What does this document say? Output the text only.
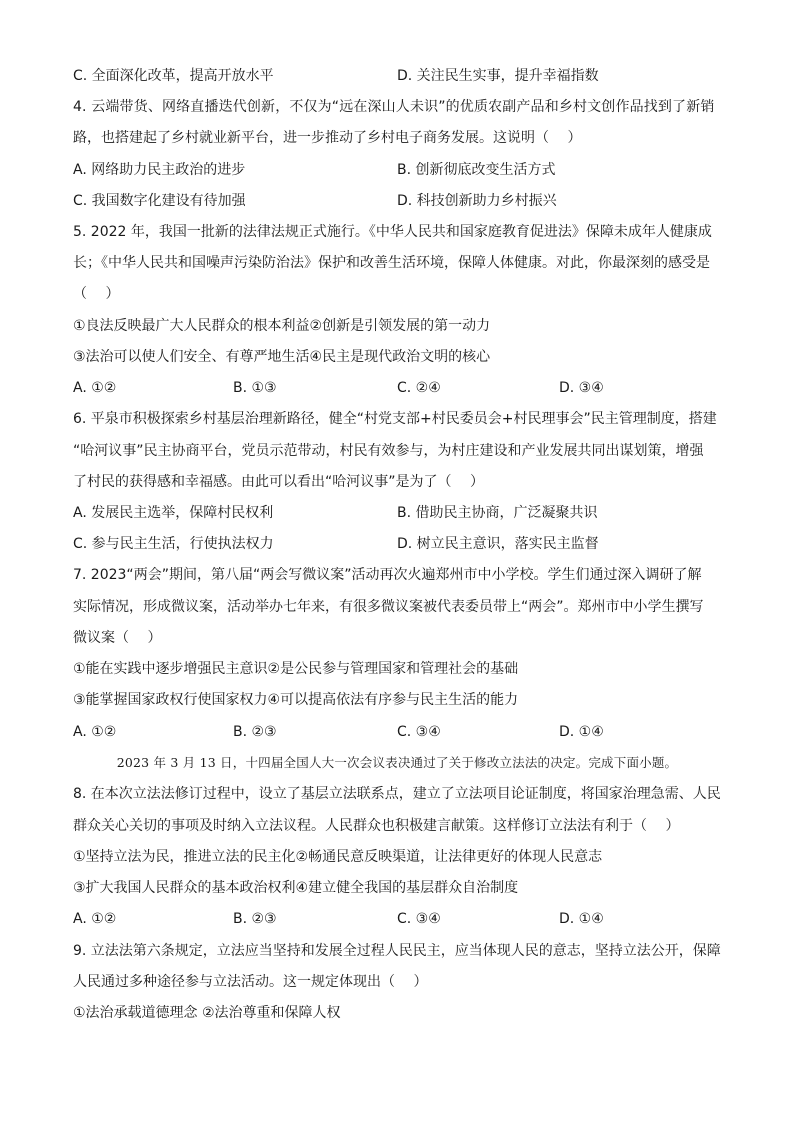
C. 全面深化改革，提高开放水平	D. 关注民生实事，提升幸福指数
4. 云端带货、网络直播迭代创新，不仅为“远在深山人未识”的优质农副产品和乡村文创作品找到了新销
路，也搭建起了乡村就业新平台，进一步推动了乡村电子商务发展。这说明（　 ）
A. 网络助力民主政治的进步	B. 创新彻底改变生活方式
C. 我国数字化建设有待加强	D. 科技创新助力乡村振兴
5. 2022 年，我国一批新的法律法规正式施行。《中华人民共和国家庭教育促进法》保障未成年人健康成
长；《中华人民共和国噪声污染防治法》保护和改善生活环境，保障人体健康。对此，你最深刻的感受是
（　 ）
①良法反映最广大人民群众的根本利益②创新是引领发展的第一动力
③法治可以使人们安全、有尊严地生活④民主是现代政治文明的核心
A. ①②	B. ①③	C. ②④	D. ③④
6. 平泉市积极探索乡村基层治理新路径，健全“村党支部+村民委员会+村民理事会”民主管理制度，搭建
“哈河议事”民主协商平台，党员示范带动，村民有效参与，为村庄建设和产业发展共同出谋划策，增强
了村民的获得感和幸福感。由此可以看出“哈河议事”是为了（　 ）
A. 发展民主选举，保障村民权利	B. 借助民主协商，广泛凝聚共识
C. 参与民主生活，行使执法权力	D. 树立民主意识，落实民主监督
7. 2023“两会”期间，第八届“两会写微议案”活动再次火遍郑州市中小学校。学生们通过深入调研了解
实际情况，形成微议案，活动举办七年来，有很多微议案被代表委员带上“两会”。郑州市中小学生撰写
微议案（　 ）
①能在实践中逐步增强民主意识②是公民参与管理国家和管理社会的基础
③能掌握国家政权行使国家权力④可以提高依法有序参与民主生活的能力
A. ①②	B. ②③	C. ③④	D. ①④
2023 年 3 月 13 日，十四届全国人大一次会议表决通过了关于修改立法法的决定。完成下面小题。
8. 在本次立法法修订过程中，设立了基层立法联系点，建立了立法项目论证制度，将国家治理急需、人民
群众关心关切的事项及时纳入立法议程。人民群众也积极建言献策。这样修订立法法有利于（　 ）
①坚持立法为民，推进立法的民主化②畅通民意反映渠道，让法律更好的体现人民意志
③扩大我国人民群众的基本政治权利④建立健全我国的基层群众自治制度
A. ①②	B. ②③	C. ③④	D. ①④
9. 立法法第六条规定，立法应当坚持和发展全过程人民民主，应当体现人民的意志，坚持立法公开，保障
人民通过多种途径参与立法活动。这一规定体现出（　 ）
①法治承载道德理念 ②法治尊重和保障人权
